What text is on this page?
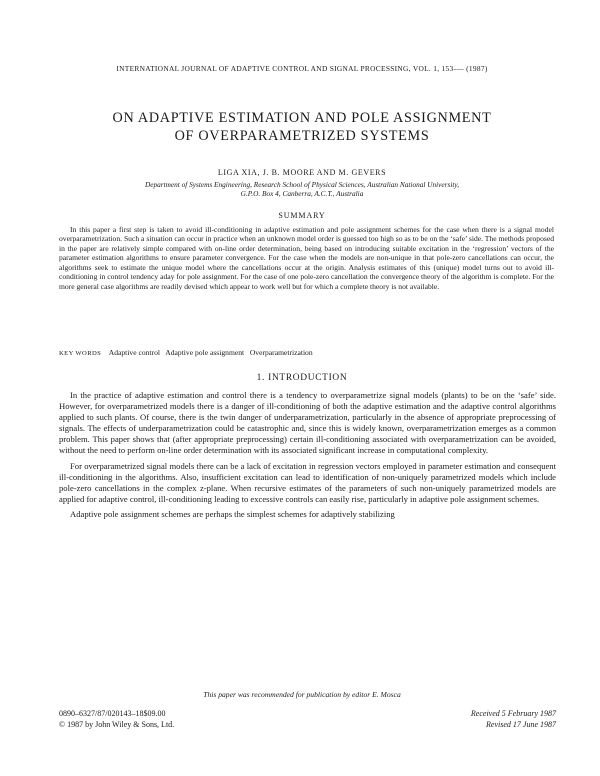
INTERNATIONAL JOURNAL OF ADAPTIVE CONTROL AND SIGNAL PROCESSING, VOL. 1, 153-— (1987)
ON ADAPTIVE ESTIMATION AND POLE ASSIGNMENT
OF OVERPARAMETRIZED SYSTEMS
LIGA XIA, J. B. MOORE AND M. GEVERS
Department of Systems Engineering, Research School of Physical Sciences, Australian National University,
G.P.O. Box 4, Canberra, A.C.T., Australia
SUMMARY

In this paper a first step is taken to avoid ill-conditioning in adaptive estimation and pole assignment schemes for the case when there is a signal model overparametrization. Such a situation can occur in practice when an unknown model order is guessed too high so as to be on the ‘safe’ side. The methods proposed in the paper are relatively simple compared with on-line order determination, being based on introducing suitable excitation in the ‘regression’ vectors of the parameter estimation algorithms to ensure parameter convergence. For the case when the models are non-unique in that pole-zero cancellations can occur, the algorithms seek to estimate the unique model where the cancellations occur at the origin. Analysis estimates of this (unique) model turns out to avoid ill-conditioning in control tendency aday for pole assignment. For the case of one pole-zero cancellation the convergence theory of the algorithm is complete. For the more general case algorithms are readily devised which appear to work well but for which a complete theory is not available.

KEY WORDS Adaptive control   Adaptive pole assignment   Overparametrization
1. INTRODUCTION

In the practice of adaptive estimation and control there is a tendency to overparametrize signal models (plants) to be on the ‘safe’ side. However, for overparametrized models there is a danger of ill-conditioning of both the adaptive estimation and the adaptive control algorithms applied to such plants. Of course, there is the twin danger of underparametrization, particularly in the absence of appropriate preprocessing of signals. The effects of underparametrization could be catastrophic and, since this is widely known, overparametrization emerges as a common problem. This paper shows that (after appropriate preprocessing) certain ill-conditioning associated with overparametrization can be avoided, without the need to perform on-line order determination with its associated significant increase in computational complexity.

For overparametrized signal models there can be a lack of excitation in regression vectors employed in parameter estimation and consequent ill-conditioning in the algorithms. Also, insufficient excitation can lead to identification of non-uniquely parametrized models which include pole-zero cancellations in the complex z-plane. When recursive estimates of the parameters of such non-uniquely parametrized models are applied for adaptive control, ill-conditioning leading to excessive controls can easily rise, particularly in adaptive pole assignment schemes.

Adaptive pole assignment schemes are perhaps the simplest schemes for adaptively stabilizing

This paper was recommended for publication by editor E. Mosca
0890–6327/87/020143–18$09.00
© 1987 by John Wiley & Sons, Ltd.
Received 5 February 1987
Revised 17 June 1987
